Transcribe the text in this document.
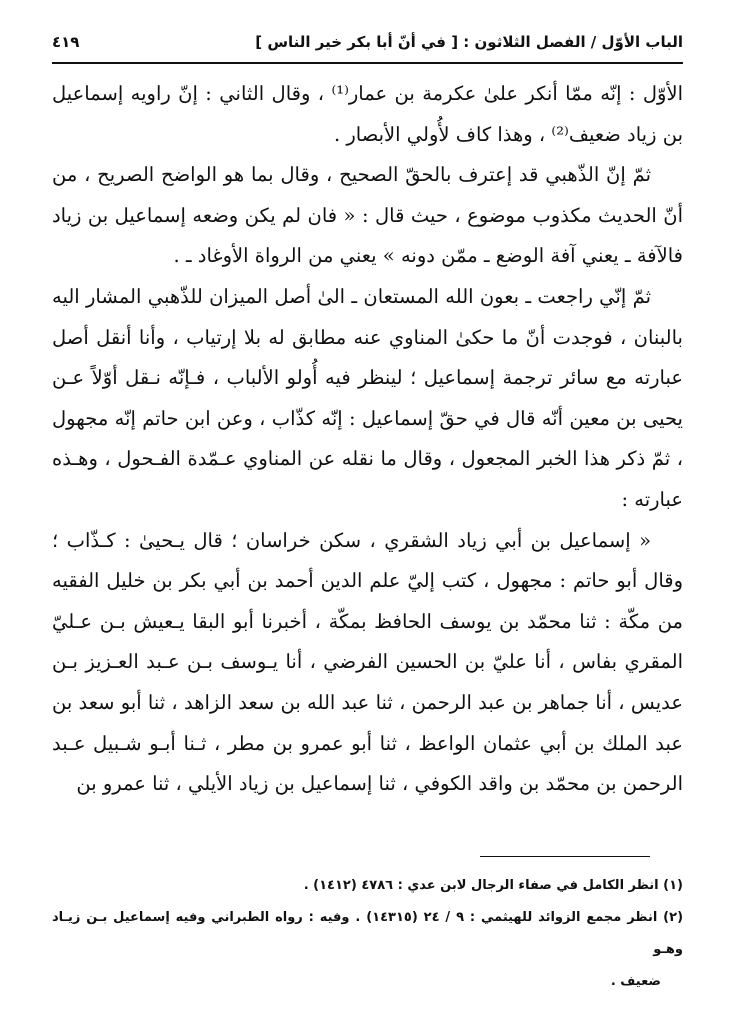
الباب الأوّل / الفصل الثلاثون : [ في أنّ أبا بكر خير الناس ]
٤١٩

الأوّل : إنّه ممّا أنكر علىٰ عكرمة بن عمار⁽¹⁾ ، وقال الثاني : إنّ راويه إسماعيل بن زياد ضعيف⁽²⁾ ، وهذا كاف لأُولي الأبصار .

ثمّ إنّ الذّهبي قد إعترف بالحقّ الصحيح ، وقال بما هو الواضح الصريح ، من أنّ الحديث مكذوب موضوع ، حيث قال : « فان لم يكن وضعه إسماعيل بن زياد فالآفة ـ يعني آفة الوضع ـ ممّن دونه » يعني من الرواة الأوغاد ـ .

ثمّ إنّي راجعت ـ بعون الله المستعان ـ الىٰ أصل الميزان للذّهبي المشار اليه بالبنان ، فوجدت أنّ ما حكىٰ المناوي عنه مطابق له بلا إرتياب ، وأنا أنقل أصل عبارته مع سائر ترجمة إسماعيل ؛ لينظر فيه أُولو الألباب ، فـإنّه نـقل أوّلاً عـن يحيى بن معين أنّه قال في حقّ إسماعيل : إنّه كذّاب ، وعن ابن حاتم إنّه مجهول ، ثمّ ذكر هذا الخبر المجعول ، وقال ما نقله عن المناوي عـمّدة الفـحول ، وهـذه عبارته :

« إسماعيل بن أبي زياد الشقري ، سكن خراسان ؛ قال يـحيىٰ : كـذّاب ؛ وقال أبو حاتم : مجهول ، كتب إليّ علم الدين أحمد بن أبي بكر بن خليل الفقيه من مكّة : ثنا محمّد بن يوسف الحافظ بمكّة ، أخبرنا أبو البقا يـعيش بـن عـليّ المقري بفاس ، أنا عليّ بن الحسين الفرضي ، أنا يـوسف بـن عـبد العـزيز بـن عديس ، أنا جماهر بن عبد الرحمن ، ثنا عبد الله بن سعد الزاهد ، ثنا أبو سعد بن عبد الملك بن أبي عثمان الواعظ ، ثنا أبو عمرو بن مطر ، ثـنا أبـو شـبيل عـبد الرحمن بن محمّد بن واقد الكوفي ، ثنا إسماعيل بن زياد الأيلي ، ثنا عمرو بن

(١) انظر الكامل في صفاء الرجال لابن عدي : ٤٧٨٦ (١٤١٢) .

(٢) انظر مجمع الزوائد للهيثمي : ٩ / ٢٤ (١٤٣١٥) . وفيه : رواه الطبراني وفيه إسماعيل بـن زيـاد وهـو

ضعيف .
